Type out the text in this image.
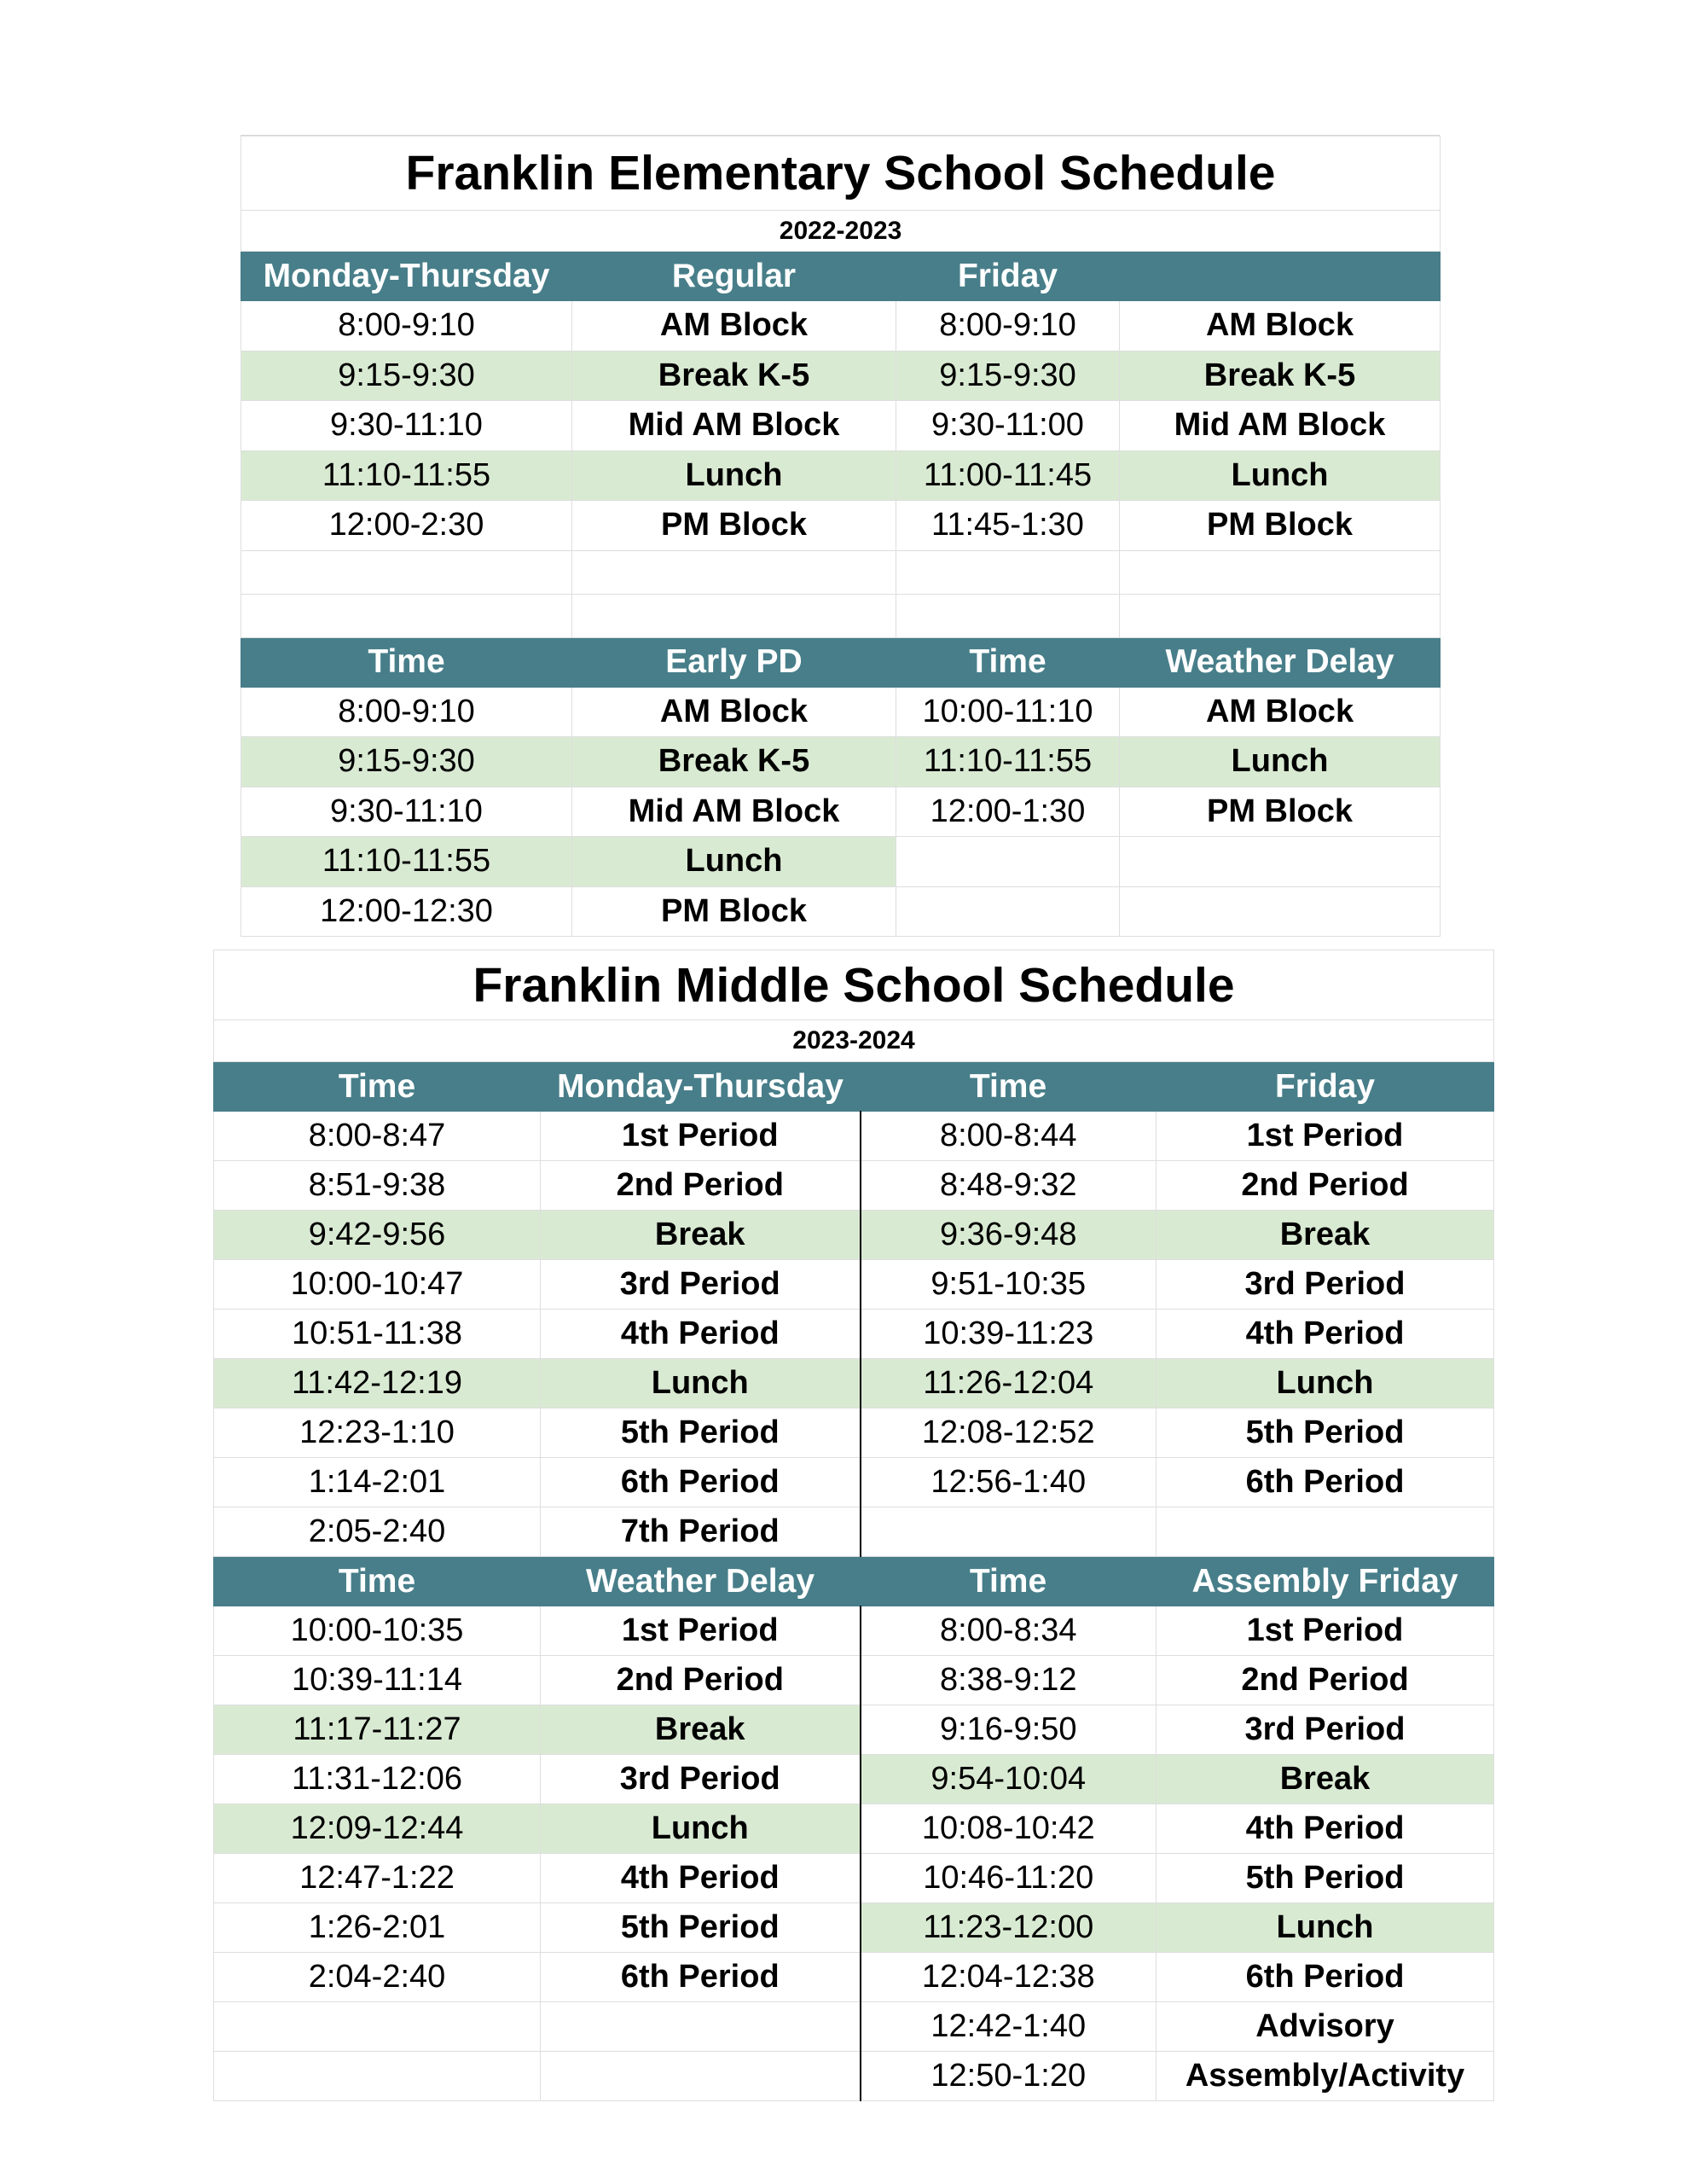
Franklin Elementary School Schedule			
2022-2023			
Monday-Thursday	Regular	Friday	
8:00-9:10	AM Block	8:00-9:10	AM Block
9:15-9:30	Break K-5	9:15-9:30	Break K-5
9:30-11:10	Mid AM Block	9:30-11:00	Mid AM Block
11:10-11:55	Lunch	11:00-11:45	Lunch
12:00-2:30	PM Block	11:45-1:30	PM Block

Time	Early PD	Time	Weather Delay
8:00-9:10	AM Block	10:00-11:10	AM Block
9:15-9:30	Break K-5	11:10-11:55	Lunch
9:30-11:10	Mid AM Block	12:00-1:30	PM Block
11:10-11:55	Lunch		
12:00-12:30	PM Block		
Franklin Middle School Schedule			
2023-2024			
Time	Monday-Thursday	Time	Friday
8:00-8:47	1st Period	8:00-8:44	1st Period
8:51-9:38	2nd Period	8:48-9:32	2nd Period
9:42-9:56	Break	9:36-9:48	Break
10:00-10:47	3rd Period	9:51-10:35	3rd Period
10:51-11:38	4th Period	10:39-11:23	4th Period
11:42-12:19	Lunch	11:26-12:04	Lunch
12:23-1:10	5th Period	12:08-12:52	5th Period
1:14-2:01	6th Period	12:56-1:40	6th Period
2:05-2:40	7th Period		
Time	Weather Delay	Time	Assembly Friday
10:00-10:35	1st Period	8:00-8:34	1st Period
10:39-11:14	2nd Period	8:38-9:12	2nd Period
11:17-11:27	Break	9:16-9:50	3rd Period
11:31-12:06	3rd Period	9:54-10:04	Break
12:09-12:44	Lunch	10:08-10:42	4th Period
12:47-1:22	4th Period	10:46-11:20	5th Period
1:26-2:01	5th Period	11:23-12:00	Lunch
2:04-2:40	6th Period	12:04-12:38	6th Period
		12:42-1:40	Advisory
		12:50-1:20	Assembly/Activity
